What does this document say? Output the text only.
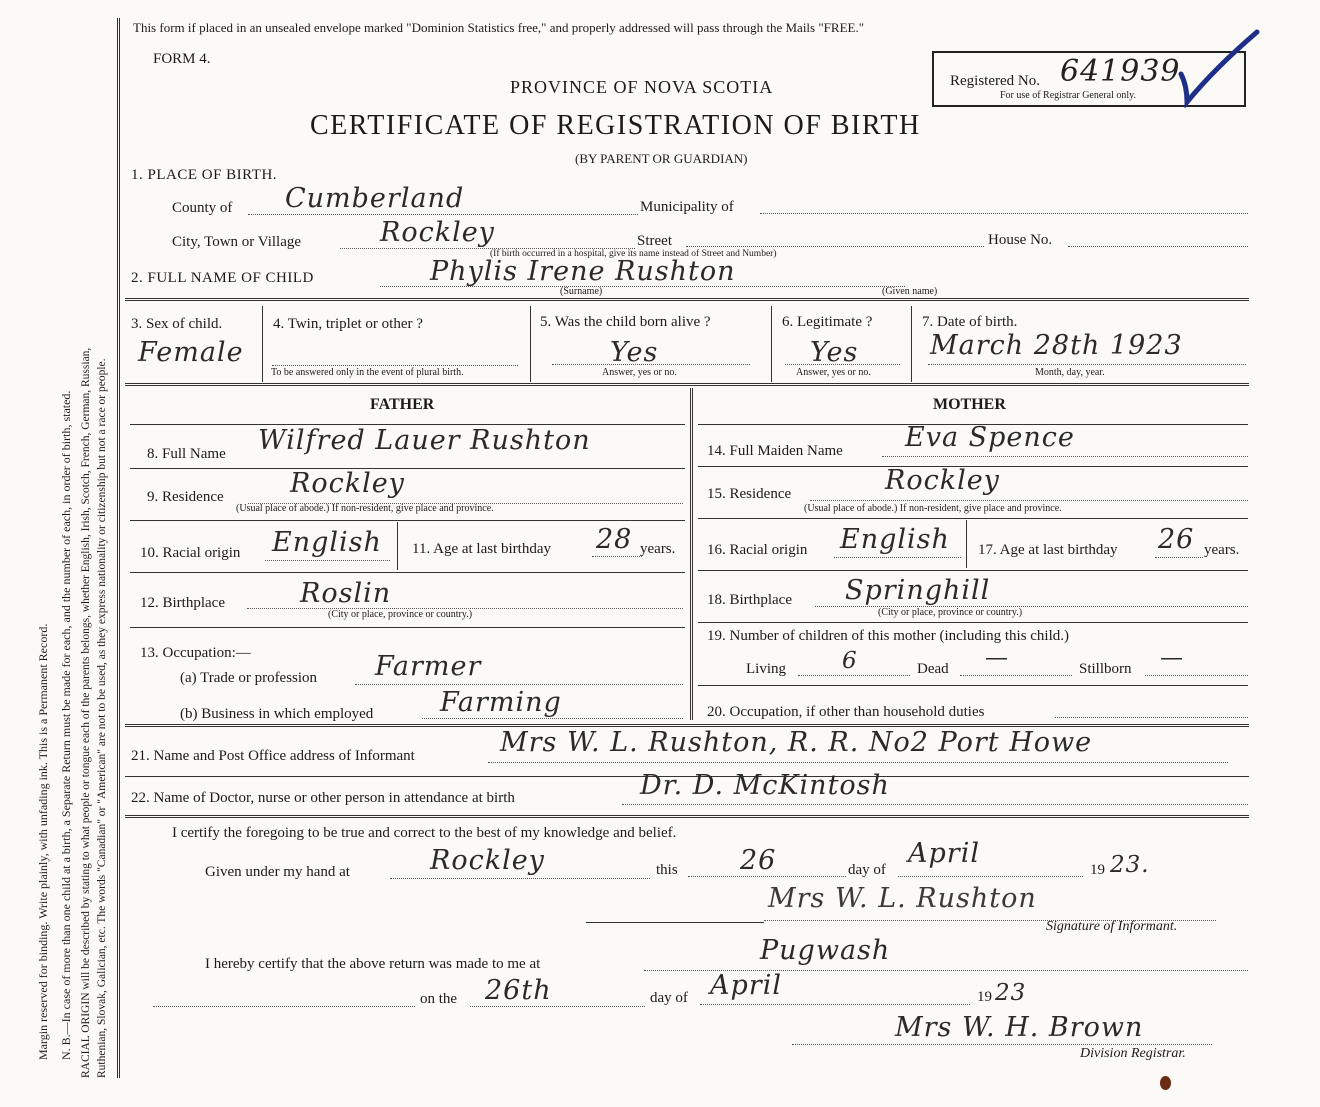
Margin reserved for binding. Write plainly, with unfading ink. This is a Permanent Record. N. B.—In case of more than one child at a birth, a Separate Return must be made for each, and the number of each, in order of birth, stated. RACIAL ORIGIN will be described by stating to what people or tongue each of the parents belongs, whether English, Irish, Scotch, French, German, Russian, Ruthenian, Slovak, Galician, etc. The words "Canadian" or "American" are not to be used, as they express nationality or citizenship but not a race or people.
This form if placed in an unsealed envelope marked "Dominion Statistics free," and properly addressed will pass through the Mails "FREE."
FORM 4.
PROVINCE OF NOVA SCOTIA
CERTIFICATE OF REGISTRATION OF BIRTH
(BY PARENT OR GUARDIAN)
Registered No. 641939
For use of Registrar General only.
1. PLACE OF BIRTH.
County of Cumberland	Municipality of
City, Town or Village	Rockley
(If birth occurred in a hospital, give its name instead of Street and Number)
Street	House No.
2. FULL NAME OF CHILD	Phylis Irene Rushton
(Surname)	(Given name)
3. Sex of child.
Female
4. Twin, triplet or other ?
To be answered only in the event of plural birth.
5. Was the child born alive ?
Yes
Answer, yes or no.
6. Legitimate ?
Yes
Answer, yes or no.
7. Date of birth.
March 28th 1923
Month, day, year.
FATHER	MOTHER
8. Full Name Wilfred Lauer Rushton
9. Residence Rockley
(Usual place of abode.) If non-resident, give place and province.
10. Racial origin English 11. Age at last birthday 28 years.
12. Birthplace	Roslin
(City or place, province or country.)
13. Occupation:—
(a) Trade or profession Farmer
(b) Business in which employed Farming
14. Full Maiden Name Eva Spence
15. Residence	Rockley
(Usual place of abode.) If non-resident, give place and province.
16. Racial origin English 17. Age at last birthday 26 years.
18. Birthplace Springhill
(City or place, province or country.)
19. Number of children of this mother (including this child.)
Living 6	Dead —	Stillborn —
20. Occupation, if other than household duties
21. Name and Post Office address of Informant	Mrs W. L. Rushton, R. R. No2 Port Howe
22. Name of Doctor, nurse or other person in attendance at birth	Dr. D. McKintosh
I certify the foregoing to be true and correct to the best of my knowledge and belief.
Given under my hand at	Rockley	this 26	day of
April
19 23.
Mrs W. L. Rushton
Signature of Informant.
I hereby certify that the above return was made to me at	Pugwash
on the 26th	day of April	19 23
Mrs W. H. Brown
Division Registrar.
